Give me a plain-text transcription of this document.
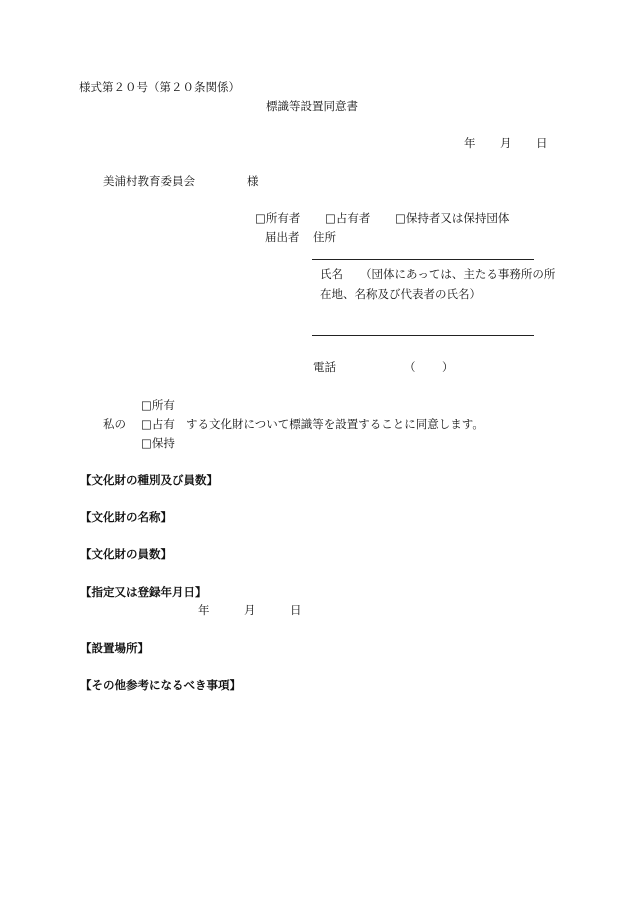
様式第２０号（第２０条関係）
標識等設置同意書
年 月 日
美浦村教育委員会	様
□所有者 □占有者 □保持者又は保持団体
届出者 住所
氏名 （団体にあっては、主たる事務所の所
在地、名称及び代表者の氏名）
電話	（ ）
□所有
私の □占有 する文化財について標識等を設置することに同意します。
□保持
【文化財の種別及び員数】
【文化財の名称】
【文化財の員数】
【指定又は登録年月日】
年	月	日
【設置場所】
【その他参考になるべき事項】
